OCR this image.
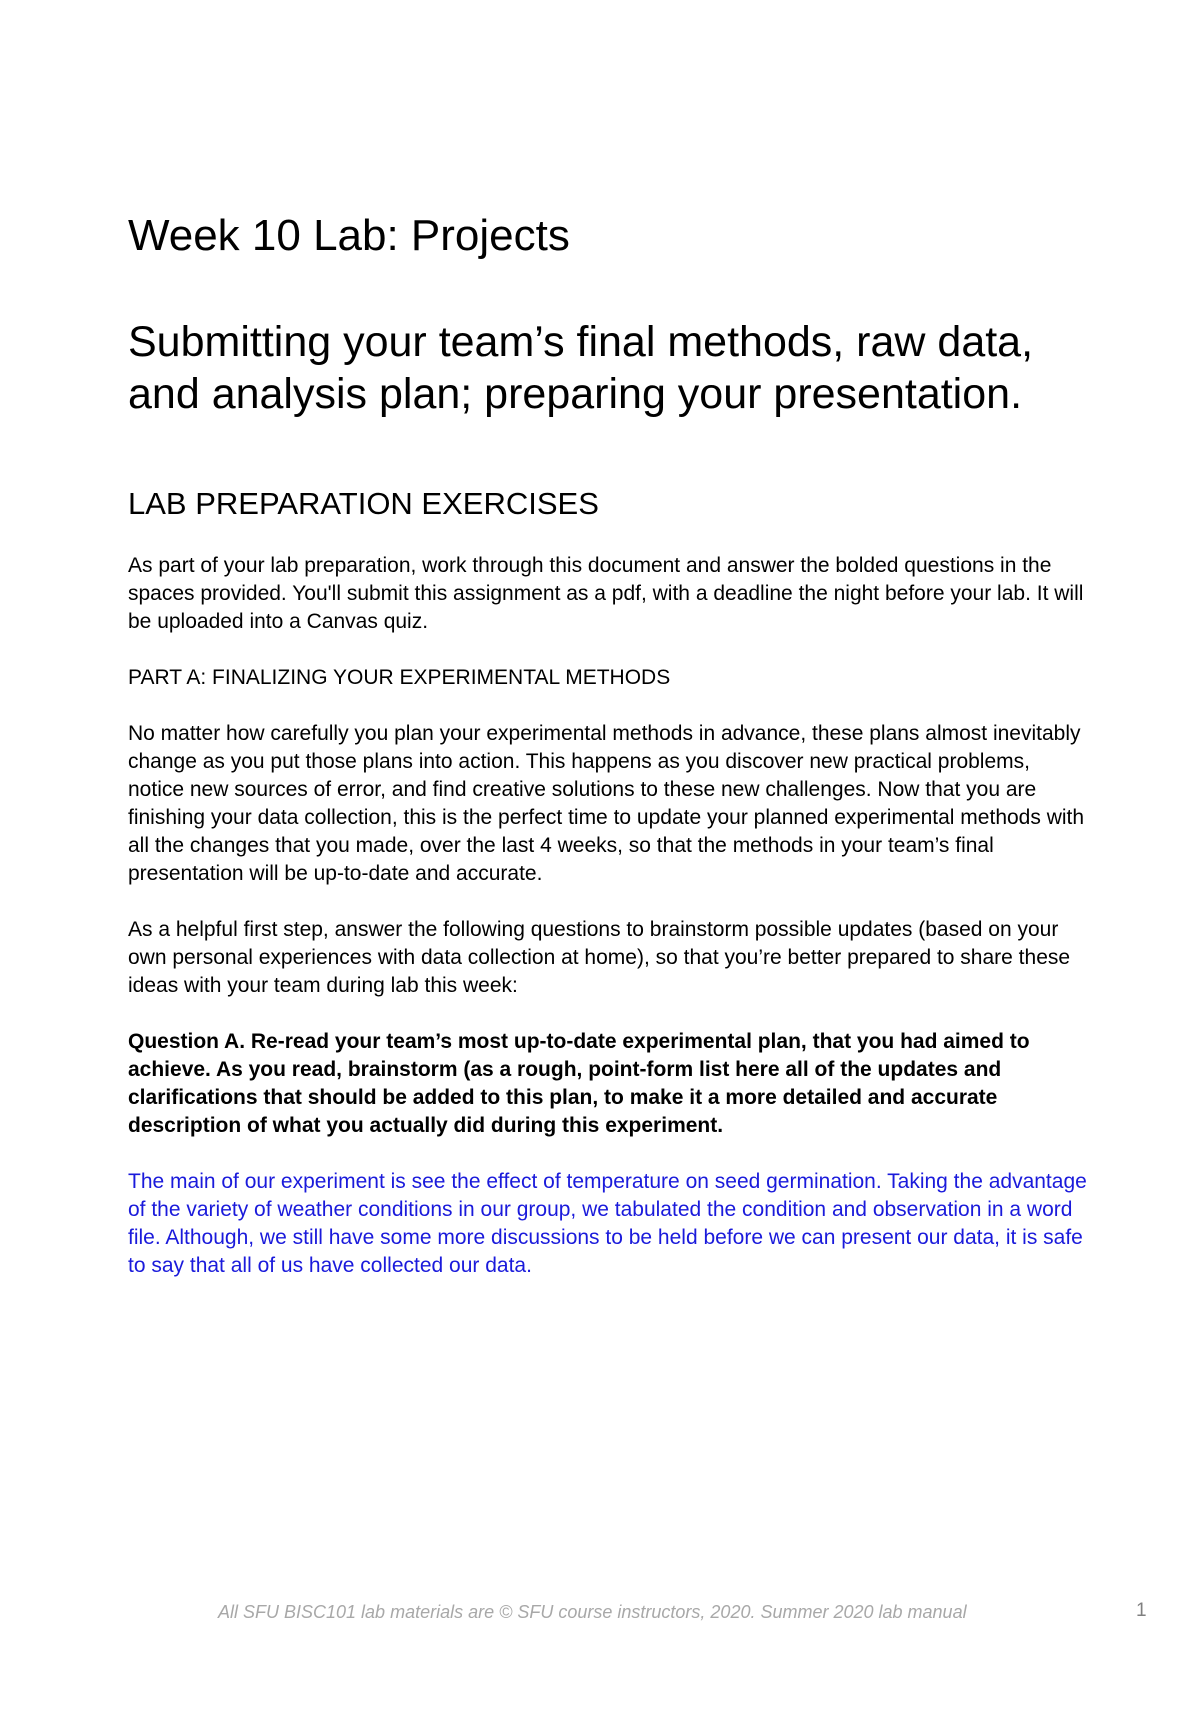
Week 10 Lab: Projects
Submitting your team’s final methods, raw data, and analysis plan; preparing your presentation.
LAB PREPARATION EXERCISES

As part of your lab preparation, work through this document and answer the bolded questions in the spaces provided. You'll submit this assignment as a pdf, with a deadline the night before your lab. It will be uploaded into a Canvas quiz.

PART A: FINALIZING YOUR EXPERIMENTAL METHODS

No matter how carefully you plan your experimental methods in advance, these plans almost inevitably change as you put those plans into action. This happens as you discover new practical problems, notice new sources of error, and find creative solutions to these new challenges. Now that you are finishing your data collection, this is the perfect time to update your planned experimental methods with all the changes that you made, over the last 4 weeks, so that the methods in your team’s final presentation will be up-to-date and accurate.

As a helpful first step, answer the following questions to brainstorm possible updates (based on your own personal experiences with data collection at home), so that you’re better prepared to share these ideas with your team during lab this week:

Question A. Re-read your team’s most up-to-date experimental plan, that you had aimed to achieve. As you read, brainstorm (as a rough, point-form list here all of the updates and clarifications that should be added to this plan, to make it a more detailed and accurate description of what you actually did during this experiment.

The main of our experiment is see the effect of temperature on seed germination. Taking the advantage of the variety of weather conditions in our group, we tabulated the condition and observation in a word file. Although, we still have some more discussions to be held before we can present our data, it is safe to say that all of us have collected our data.

All SFU BISC101 lab materials are © SFU course instructors, 2020. Summer 2020 lab manual	1
